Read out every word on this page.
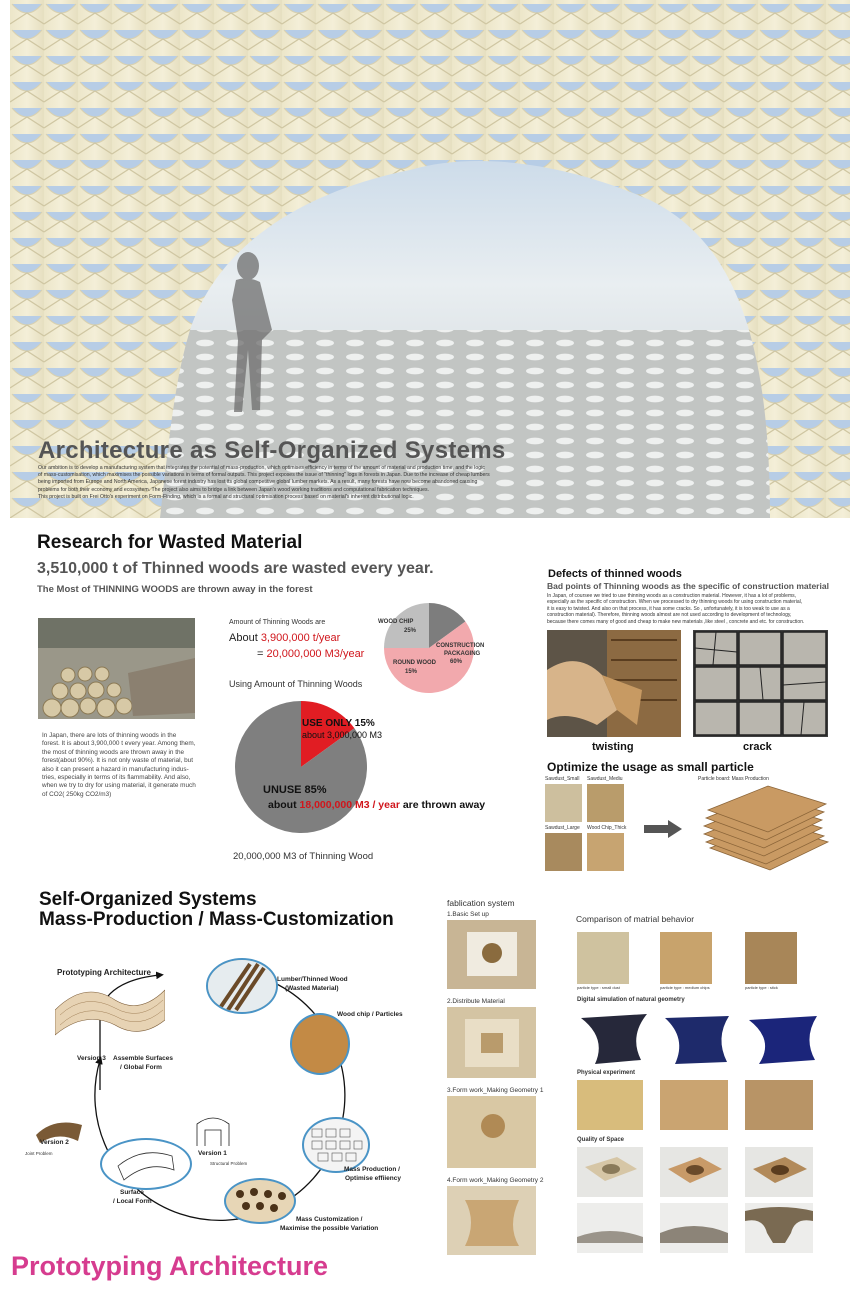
Architecture as Self-Organized Systems
Our ambition is to develop a manufacturing system that integrates the potential of mass-production, which optimises efficiency in terms of the amount of material and production time, and the logic
of mass-customisation, which maximises the possible variations in terms of formal outputs. This project exposes the issue of "thinning" logs in forests in Japan. Due to the increase of cheap lumbers
being imported from Europe and North America, Japanese forest industry has lost its global competitive global lumber markets. As a result, many forests have now become abandoned causing
problems for both their economy and ecosystem. The project also aims to bridge a link between Japan's wood working traditions and computational fabrication techniques.
This project is built on Frei Otto's experiment on Form-Finding, which is a formal and structural optimisation process based on material's inherent distributional logic.
Research for Wasted Material
3,510,000 t of Thinned woods are wasted every year.
The Most of THINNING WOODS are thrown away in the forest
In Japan, there are lots of thinning woods in the
forest. It is about 3,900,000 t every year. Among them,
the most of thinning woods are thrown away in the
forest(about 90%). It is not only waste of material, but
also it can present a hazard in manufacturing indus-
tries, especially in terms of its flammability. And also,
when we try to dry for using material, it generate much
of CO2( 250kg CO2/m3)
Amount of Thinning Woods are
About 3,900,000 t/year
= 20,000,000 M3/year
Using Amount of Thinning Woods
WOOD CHIP
25%
ROUND WOOD
15%
CONSTRUCTION
PACKAGING
60%
USE ONLY 15%
about 3,000,000 M3
UNUSE 85%
about 18,000,000 M3 / year are thrown away
20,000,000 M3 of Thinning Wood
Defects of thinned woods
Bad points of Thinning woods as the specific of construction material
In Japan, of coursee we tried to use thinning woods as a construction material. However, it has a lot of problems,
especially as the specific of construction. When we processed to dry thinning woods for using construction material,
it is easy to twisted. And also on that process, it has some cracks. So , unfortunately, it is too weak to use as a
construction material). Therefore, thinning woods almost are not used according to development of technology,
because there comes many of good and cheap to make new materials ,like steel , concrete and etc. for construction.
twisting	crack
Optimize the usage as small particle
Sawdust_Small Sawdust_Mediu
Sawdust_Large Wood Chip_Thick
Particle board: Mass Production
Self-Organized Systems
Mass-Production / Mass-Customization
Prototyping Architecture
Lumber/Thinned Wood
(Wasted Material)
Wood chip / Particles
Mass Production /
Optimise effiiency
Mass Customization /
Maximise the possible Variation
Version 1
Structural Problem
Surface
/ Local Form
Version 2
Joint Problem
Version 3 Assemble Surfaces
/ Global Form
fablication system
1.Basic Set up
2.Distribute Material
3.Form work_Making Geometry 1
4.Form work_Making Geometry 2
Comparison of matrial behavior
particle type : small dust	particle type : medium chips	particle type : stick
Digital simulation of natural geometry
Physical experiment
Quality of Space
Prototyping Architecture
